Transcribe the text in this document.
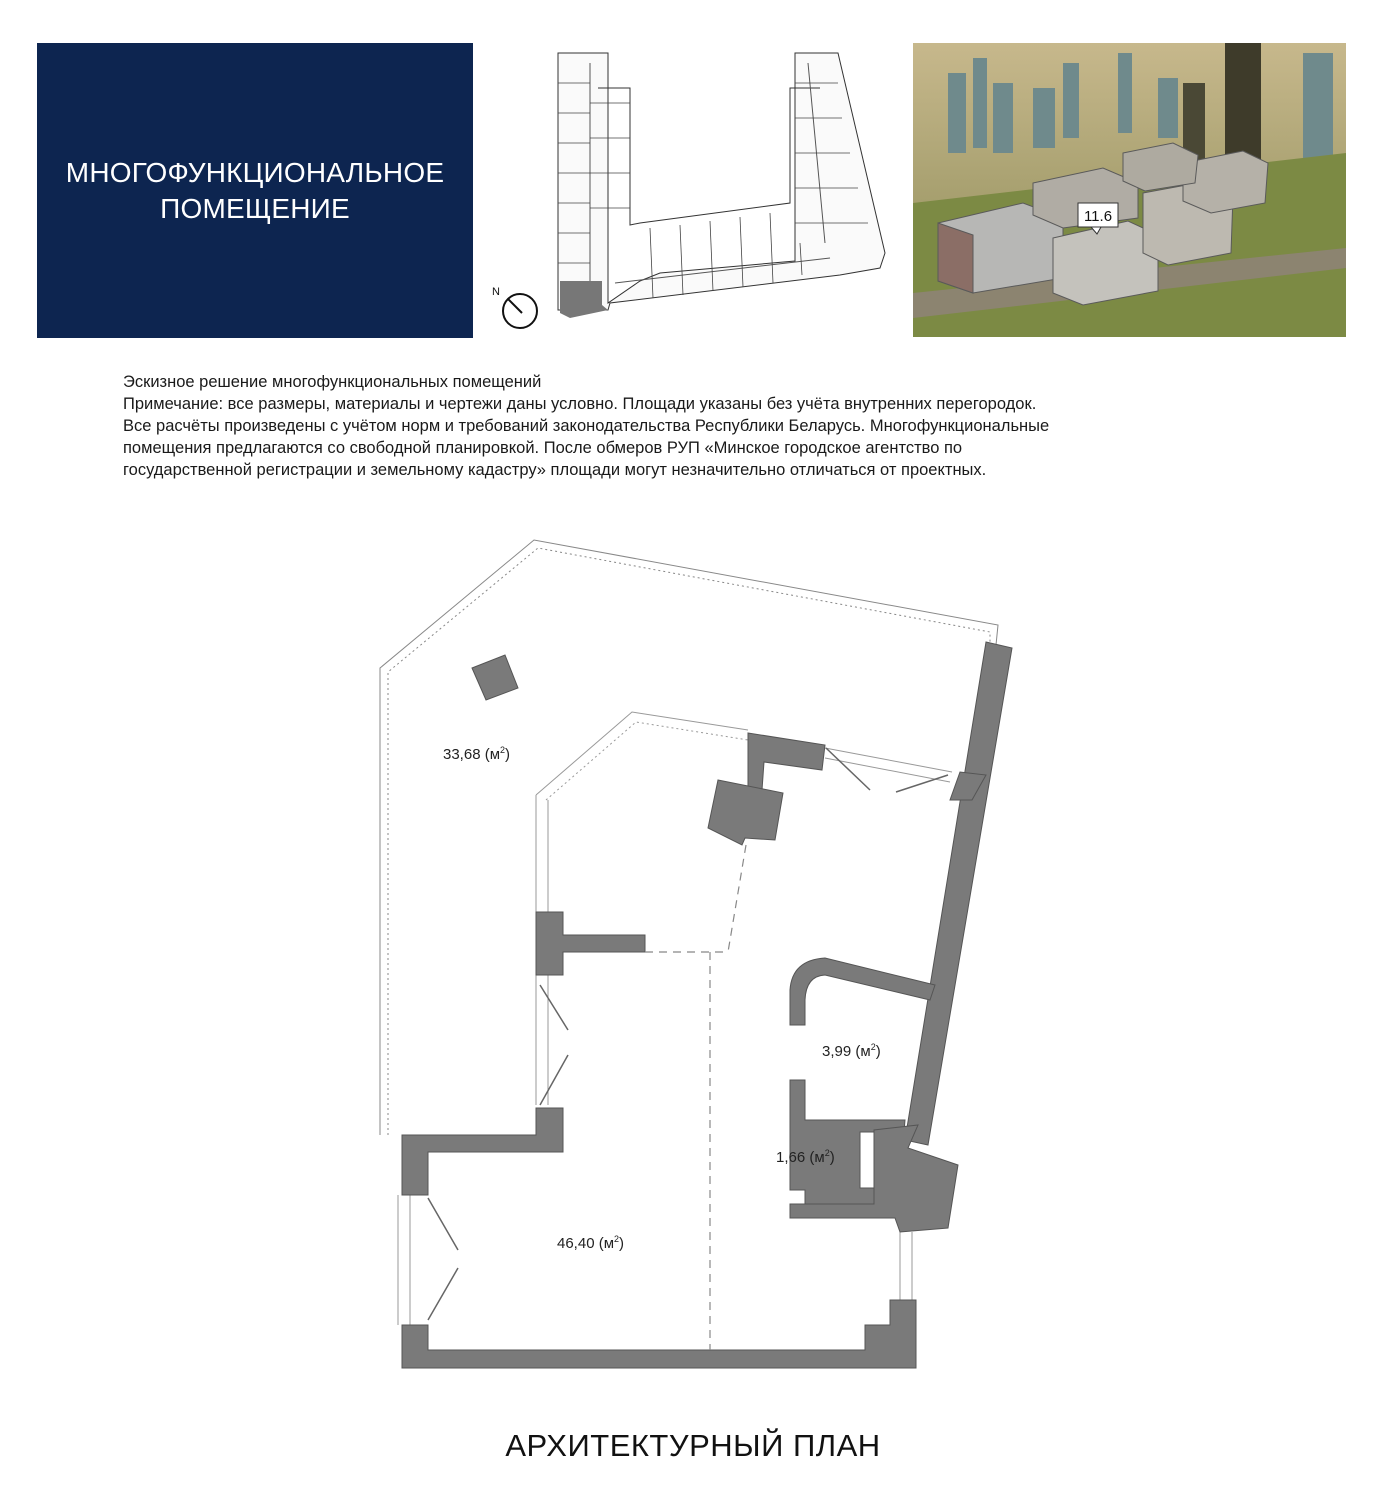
МНОГОФУНКЦИОНАЛЬНОЕ
ПОМЕЩЕНИЕ
N
11.6

Эскизное решение многофункциональных помещений

Примечание: все размеры, материалы и чертежи даны условно. Площади указаны без учёта внутренних перегородок.

Все расчёты произведены с учётом норм и требований законодательства Республики Беларусь. Многофункциональные

помещения предлагаются со свободной планировкой. После обмеров РУП «Минское городское агентство по

государственной регистрации и земельному кадастру» площади могут незначительно отличаться от проектных.

33,68 $(м^2)$
3,99 $(м^2)$
1,66 $(м^2)$
46,40 $(м^2)$
АРХИТЕКТУРНЫЙ ПЛАН
